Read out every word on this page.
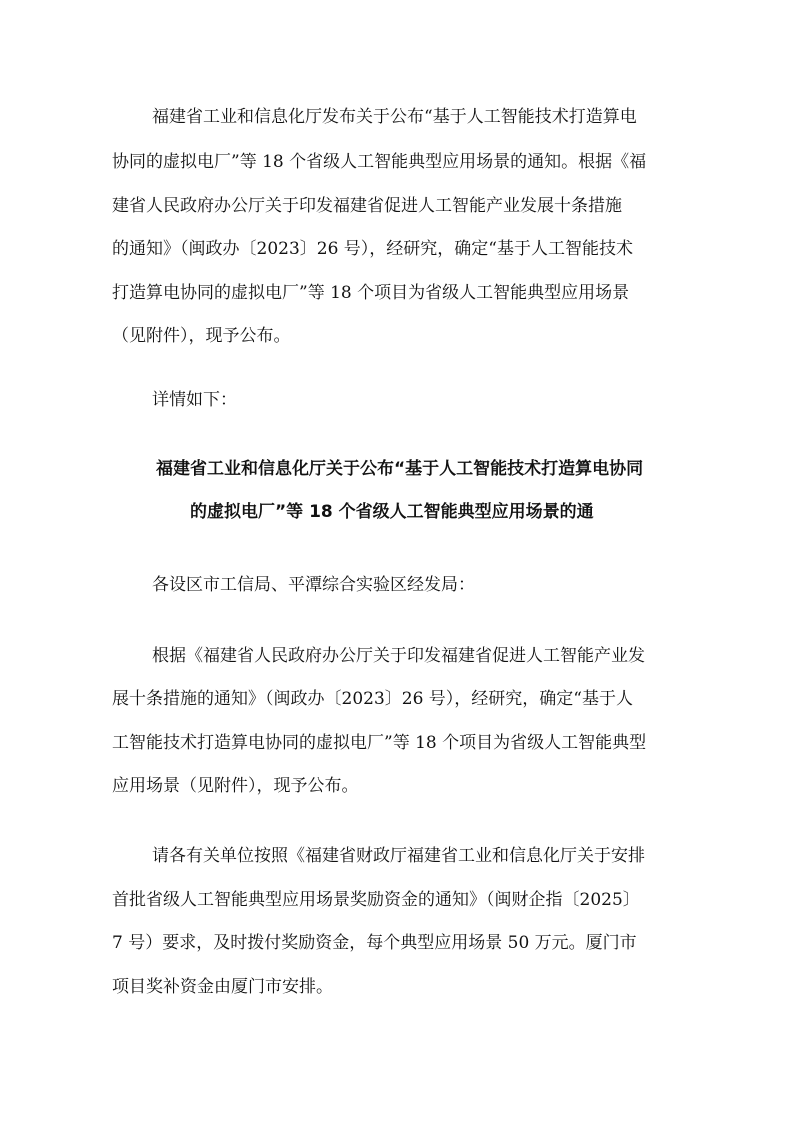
福建省工业和信息化厅发布关于公布“基于人工智能技术打造算电
协同的虚拟电厂”等 18 个省级人工智能典型应用场景的通知。根据《福
建省人民政府办公厅关于印发福建省促进人工智能产业发展十条措施
的通知》（闽政办〔2023〕26 号），经研究，确定“基于人工智能技术
打造算电协同的虚拟电厂”等 18 个项目为省级人工智能典型应用场景
（见附件），现予公布。
详情如下：
福建省工业和信息化厅关于公布“基于人工智能技术打造算电协同
的虚拟电厂”等 18 个省级人工智能典型应用场景的通
各设区市工信局、平潭综合实验区经发局：
根据《福建省人民政府办公厅关于印发福建省促进人工智能产业发
展十条措施的通知》（闽政办〔2023〕26 号），经研究，确定“基于人
工智能技术打造算电协同的虚拟电厂”等 18 个项目为省级人工智能典型
应用场景（见附件），现予公布。
请各有关单位按照《福建省财政厅福建省工业和信息化厅关于安排
首批省级人工智能典型应用场景奖励资金的通知》（闽财企指〔2025〕
7 号）要求，及时拨付奖励资金，每个典型应用场景 50 万元。厦门市
项目奖补资金由厦门市安排。
